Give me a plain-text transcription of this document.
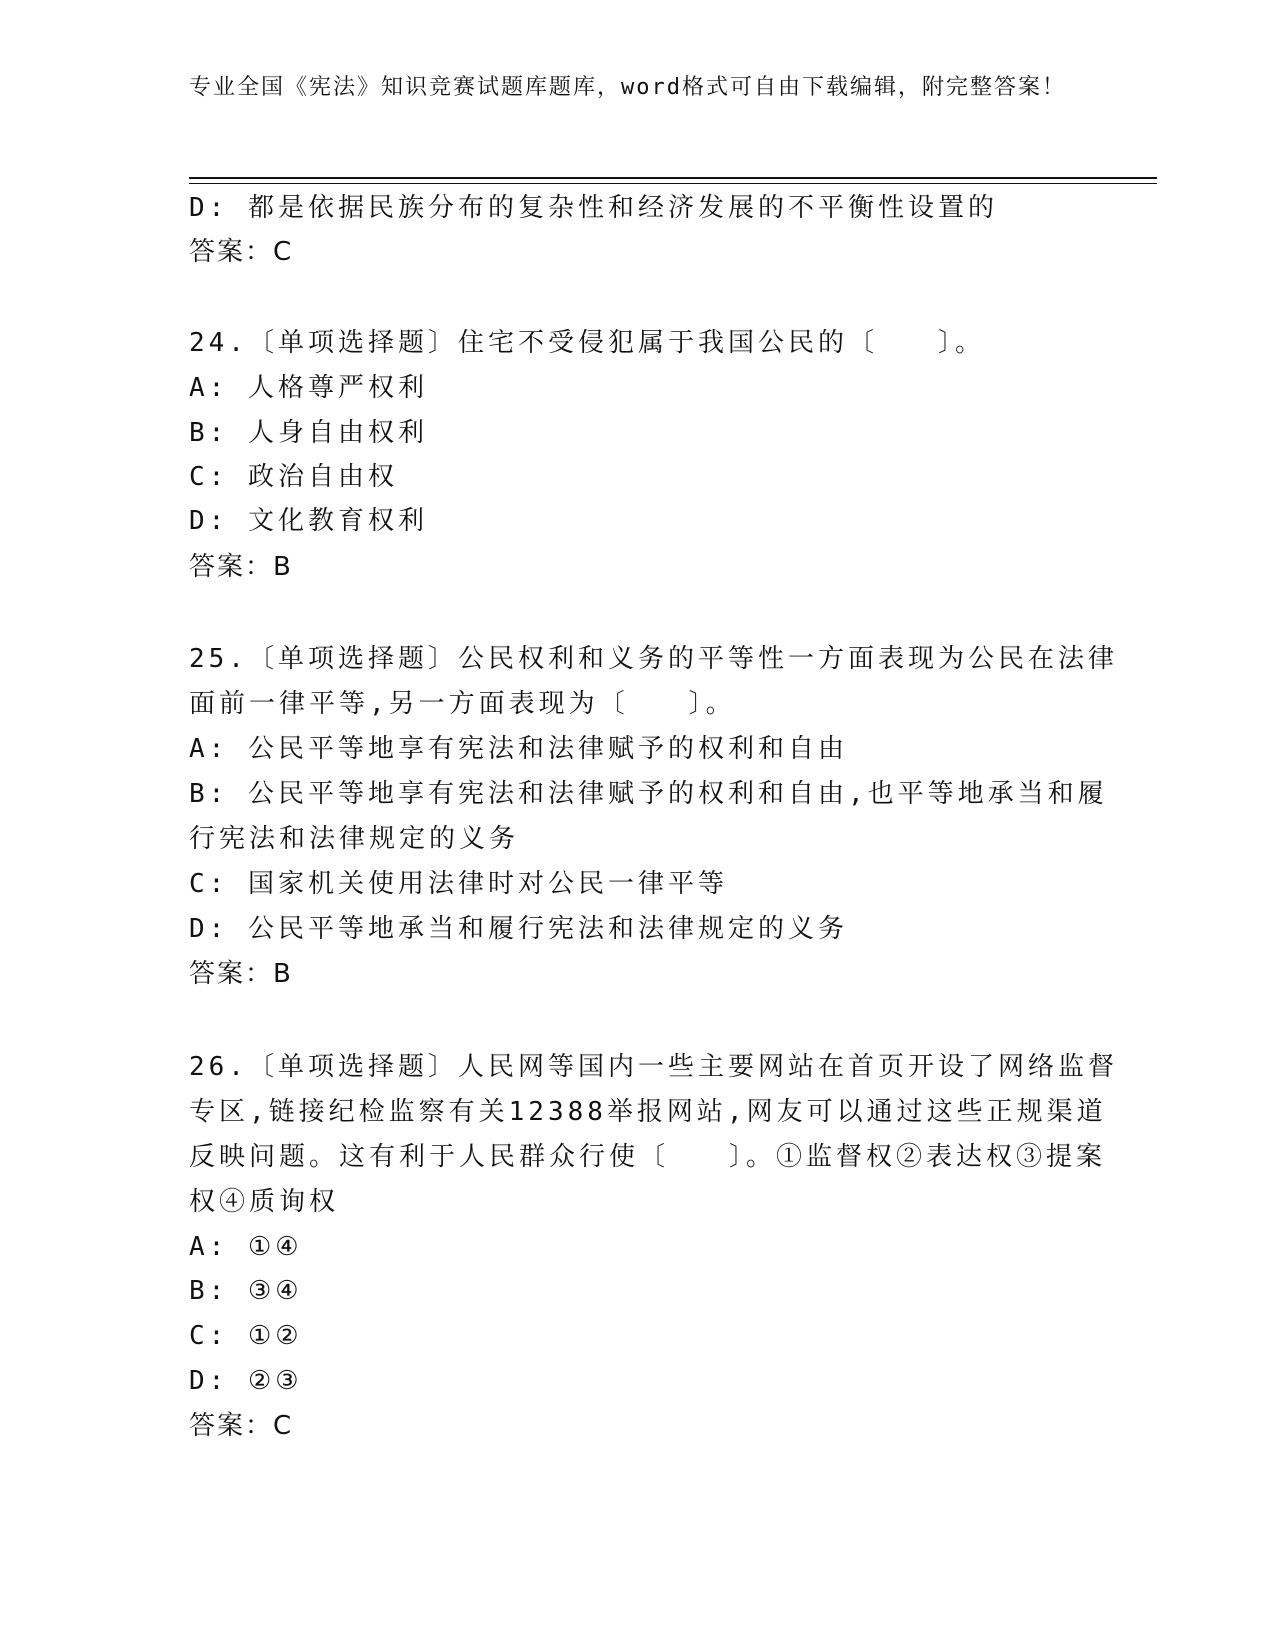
专业全国《宪法》知识竞赛试题库题库，word格式可自由下载编辑，附完整答案！
D: 都是依据民族分布的复杂性和经济发展的不平衡性设置的
答案：C
24.〔单项选择题〕住宅不受侵犯属于我国公民的〔　　〕。
A: 人格尊严权利
B: 人身自由权利
C: 政治自由权
D: 文化教育权利
答案：B
25.〔单项选择题〕公民权利和义务的平等性一方面表现为公民在法律
面前一律平等,另一方面表现为〔　　〕。
A: 公民平等地享有宪法和法律赋予的权利和自由
B: 公民平等地享有宪法和法律赋予的权利和自由,也平等地承当和履
行宪法和法律规定的义务
C: 国家机关使用法律时对公民一律平等
D: 公民平等地承当和履行宪法和法律规定的义务
答案：B
26.〔单项选择题〕人民网等国内一些主要网站在首页开设了网络监督
专区,链接纪检监察有关12388举报网站,网友可以通过这些正规渠道
反映问题。这有利于人民群众行使〔　　〕。①监督权②表达权③提案
权④质询权
A: ①④
B: ③④
C: ①②
D: ②③
答案：C
